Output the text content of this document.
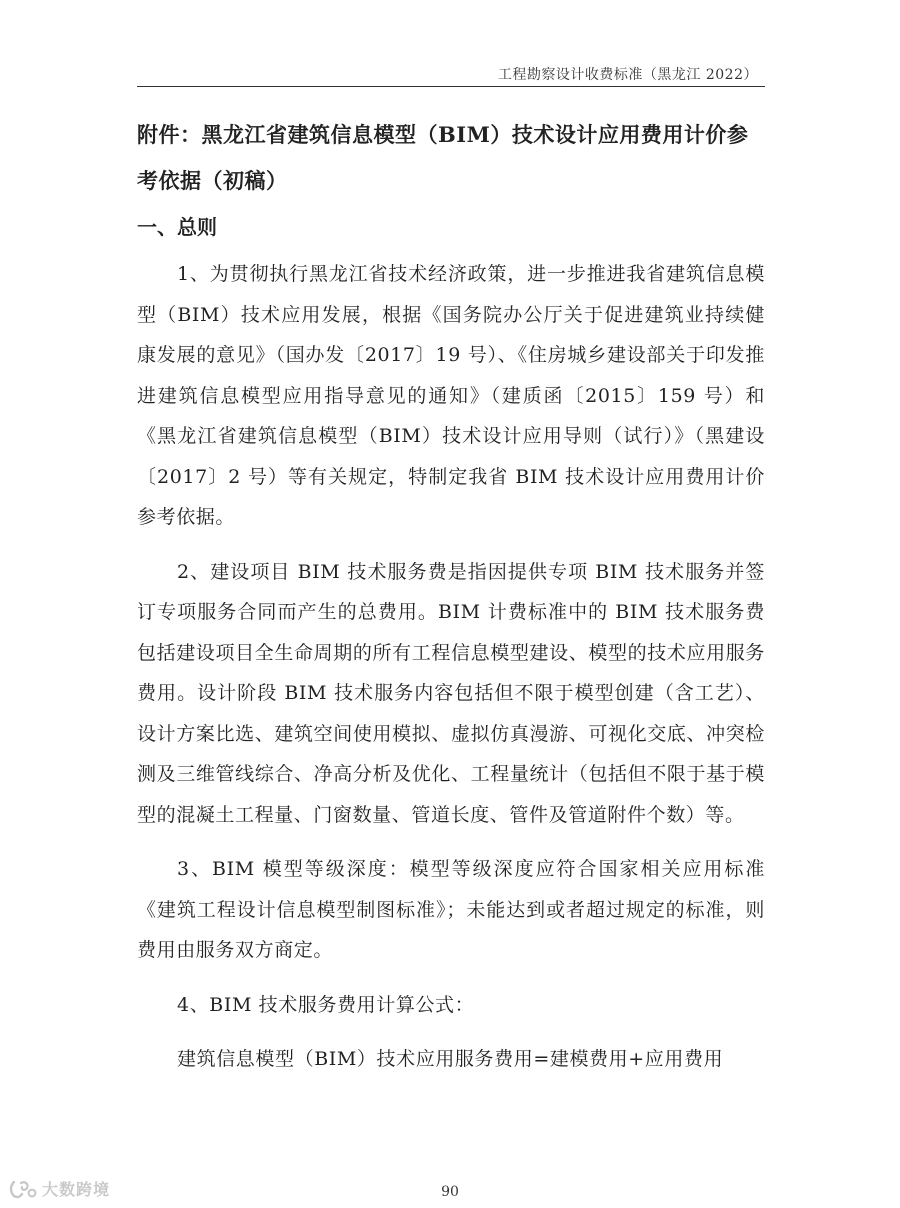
工程勘察设计收费标准（黑龙江 2022）
附件：黑龙江省建筑信息模型（BIM）技术设计应用费用计价参考依据（初稿）
一、总则

1、为贯彻执行黑龙江省技术经济政策，进一步推进我省建筑信息模型（BIM）技术应用发展，根据《国务院办公厅关于促进建筑业持续健康发展的意见》（国办发〔2017〕19 号）、《住房城乡建设部关于印发推进建筑信息模型应用指导意见的通知》（建质函〔2015〕159 号）和《黑龙江省建筑信息模型（BIM）技术设计应用导则（试行）》（黑建设〔2017〕2 号）等有关规定，特制定我省 BIM 技术设计应用费用计价参考依据。

2、建设项目 BIM 技术服务费是指因提供专项 BIM 技术服务并签订专项服务合同而产生的总费用。BIM 计费标准中的 BIM 技术服务费包括建设项目全生命周期的所有工程信息模型建设、模型的技术应用服务费用。设计阶段 BIM 技术服务内容包括但不限于模型创建（含工艺）、设计方案比选、建筑空间使用模拟、虚拟仿真漫游、可视化交底、冲突检测及三维管线综合、净高分析及优化、工程量统计（包括但不限于基于模型的混凝土工程量、门窗数量、管道长度、管件及管道附件个数）等。

3、BIM 模型等级深度：模型等级深度应符合国家相关应用标准《建筑工程设计信息模型制图标准》；未能达到或者超过规定的标准，则费用由服务双方商定。

4、BIM 技术服务费用计算公式：

建筑信息模型（BIM）技术应用服务费用=建模费用+应用费用

90
大数跨境
